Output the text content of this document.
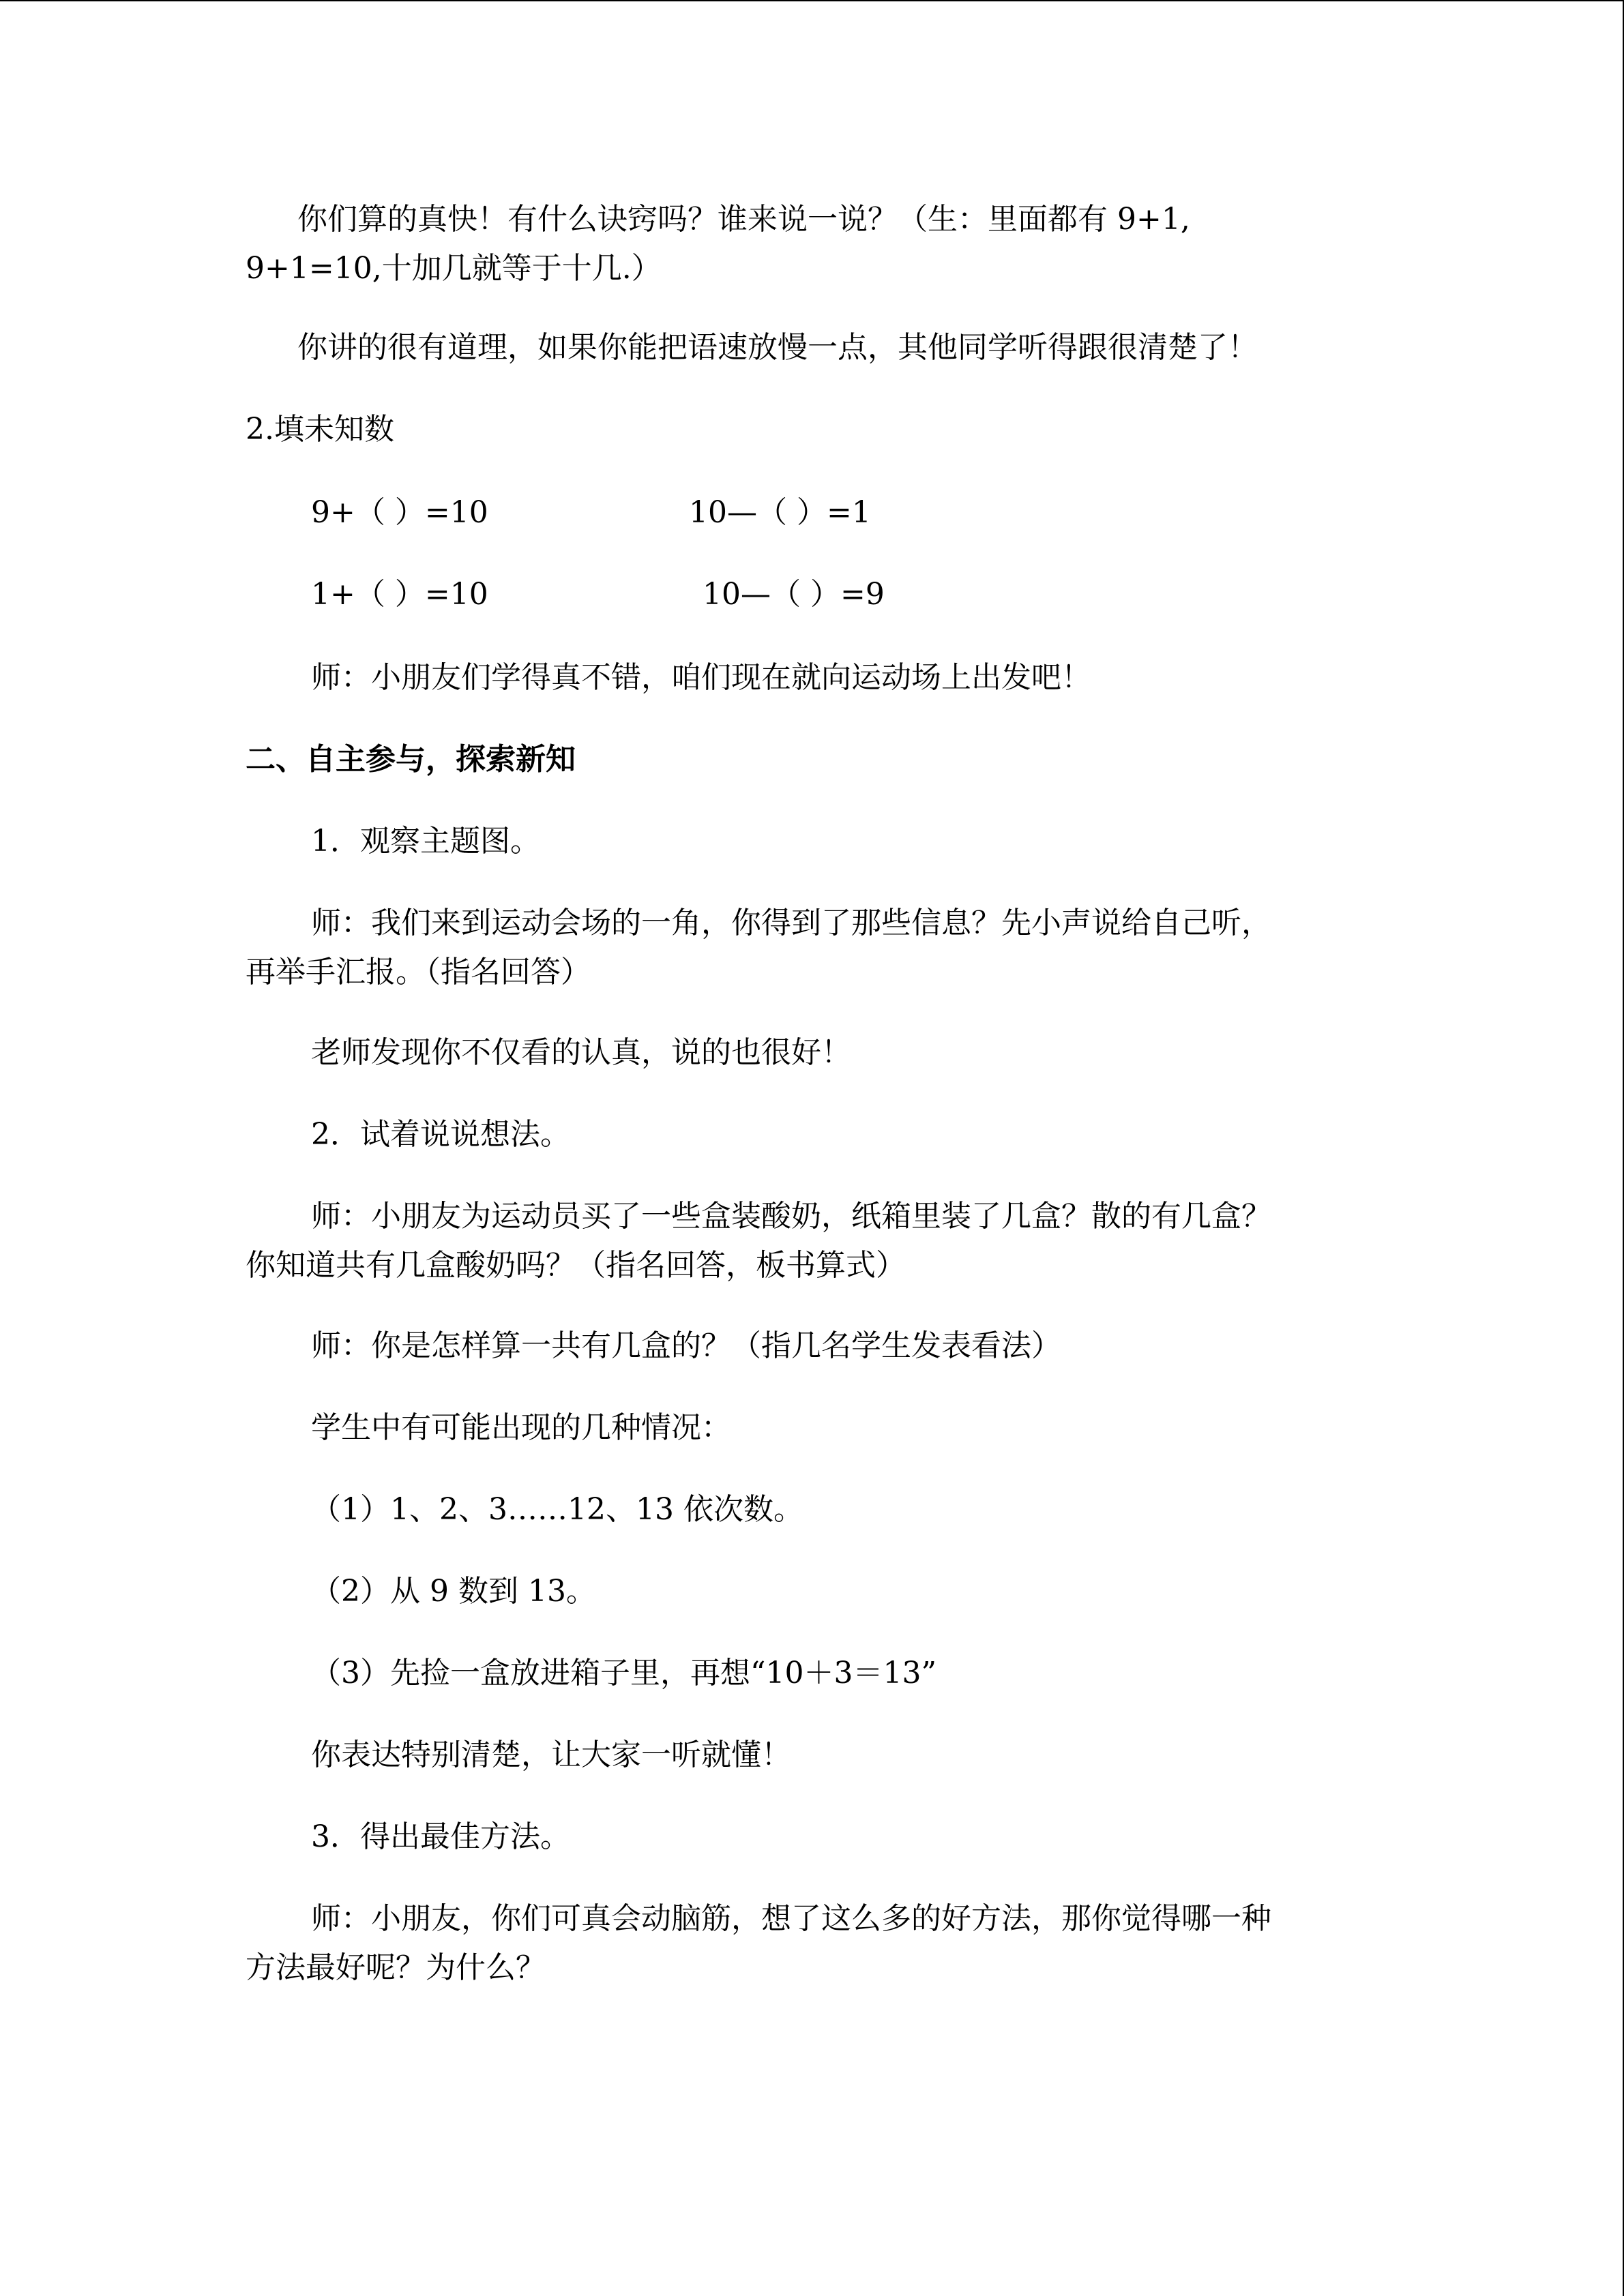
你们算的真快！有什么诀窍吗？谁来说一说？（生：里面都有 9+1,
9+1=10,十加几就等于十几.）
你讲的很有道理，如果你能把语速放慢一点，其他同学听得跟很清楚了！
2.填未知数
9+（ ）=10	10—（ ）=1
1+（ ）=10	10—（ ）=9
师：小朋友们学得真不错，咱们现在就向运动场上出发吧！
二、自主参与，探索新知
1．观察主题图。
师：我们来到运动会场的一角，你得到了那些信息？先小声说给自己听，
再举手汇报。（指名回答）
老师发现你不仅看的认真，说的也很好！
2．试着说说想法。
师：小朋友为运动员买了一些盒装酸奶，纸箱里装了几盒？散的有几盒？
你知道共有几盒酸奶吗？（指名回答，板书算式）
师：你是怎样算一共有几盒的？（指几名学生发表看法）
学生中有可能出现的几种情况：
（1）1、2、3……12、13 依次数。
（2）从 9 数到 13。
（3）先捡一盒放进箱子里，再想“10＋3＝13”
你表达特别清楚，让大家一听就懂！
3．得出最佳方法。
师：小朋友，你们可真会动脑筋，想了这么多的好方法，那你觉得哪一种
方法最好呢？为什么？
